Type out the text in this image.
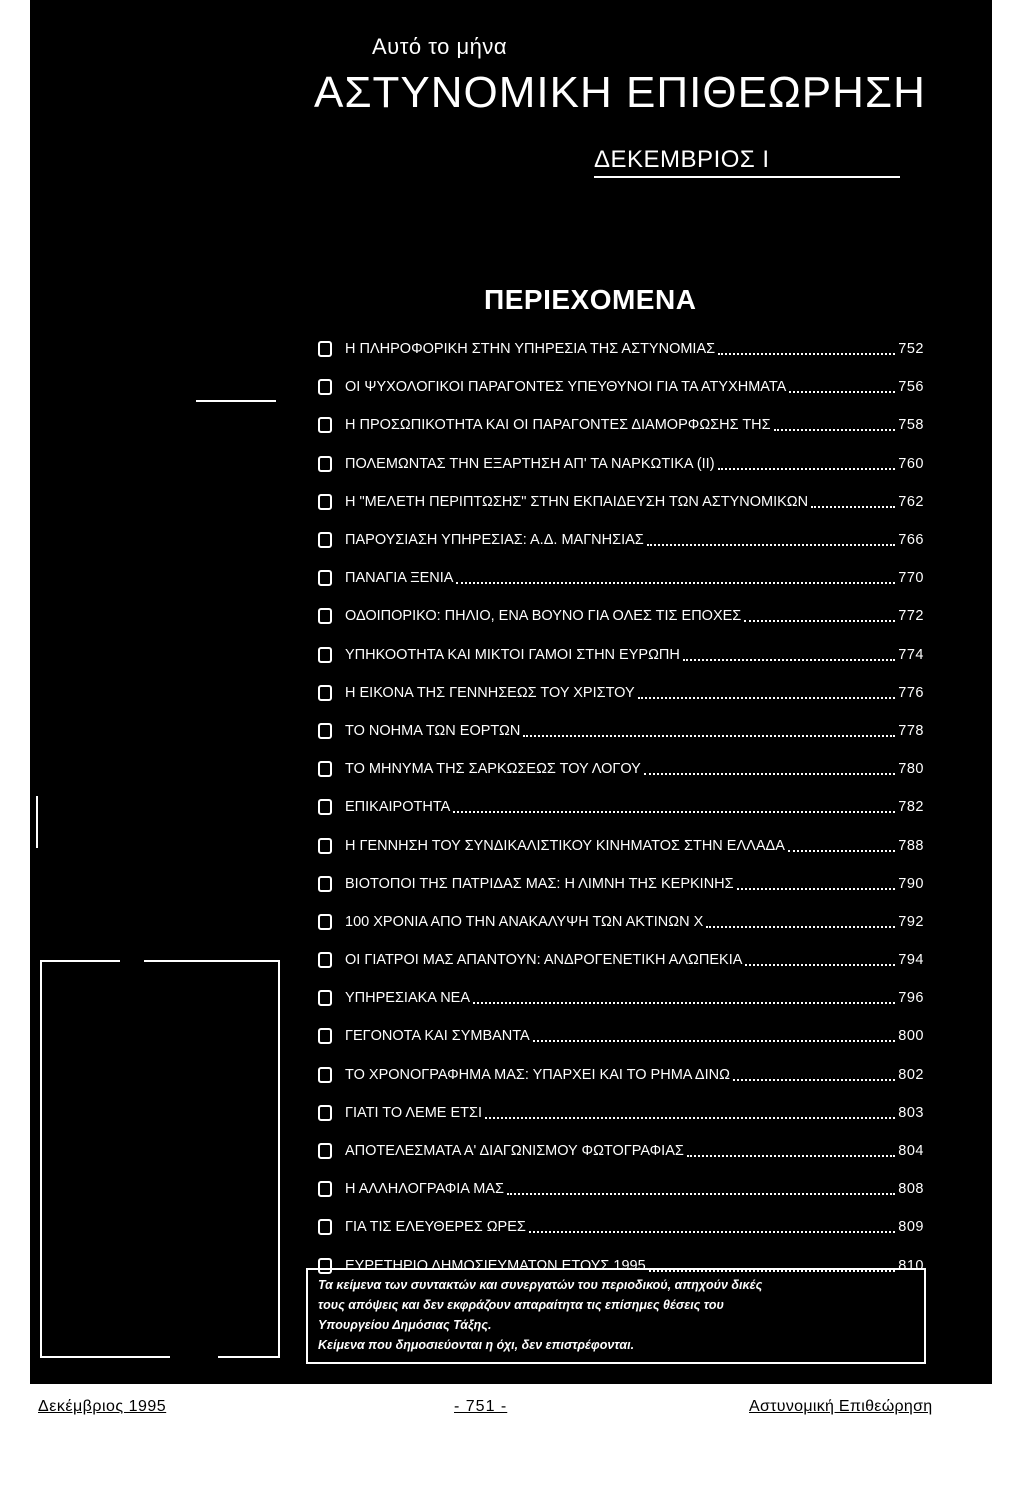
Αυτό το μήνα
ΑΣΤΥΝΟΜΙΚΗ ΕΠΙΘΕΩΡΗΣΗ
ΔΕΚΕΜΒΡΙΟΣ Ι
ΠΕΡΙΕΧΟΜΕΝΑ
Η ΠΛΗΡΟΦΟΡΙΚΗ ΣΤΗΝ ΥΠΗΡΕΣΙΑ ΤΗΣ ΑΣΤΥΝΟΜΙΑΣ	752
ΟΙ ΨΥΧΟΛΟΓΙΚΟΙ ΠΑΡΑΓΟΝΤΕΣ ΥΠΕΥΘΥΝΟΙ ΓΙΑ ΤΑ ΑΤΥΧΗΜΑΤΑ	756
Η ΠΡΟΣΩΠΙΚΟΤΗΤΑ ΚΑΙ ΟΙ ΠΑΡΑΓΟΝΤΕΣ ΔΙΑΜΟΡΦΩΣΗΣ ΤΗΣ	758
ΠΟΛΕΜΩΝΤΑΣ ΤΗΝ ΕΞΑΡΤΗΣΗ ΑΠ' ΤΑ ΝΑΡΚΩΤΙΚΑ (ΙΙ)	760
Η "ΜΕΛΕΤΗ ΠΕΡΙΠΤΩΣΗΣ" ΣΤΗΝ ΕΚΠΑΙΔΕΥΣΗ ΤΩΝ ΑΣΤΥΝΟΜΙΚΩΝ	762
ΠΑΡΟΥΣΙΑΣΗ ΥΠΗΡΕΣΙΑΣ: Α.Δ. ΜΑΓΝΗΣΙΑΣ	766
ΠΑΝΑΓΙΑ ΞΕΝΙΑ	770
ΟΔΟΙΠΟΡΙΚΟ: ΠΗΛΙΟ, ΕΝΑ ΒΟΥΝΟ ΓΙΑ ΟΛΕΣ ΤΙΣ ΕΠΟΧΕΣ	772
ΥΠΗΚΟΟΤΗΤΑ ΚΑΙ ΜΙΚΤΟΙ ΓΑΜΟΙ ΣΤΗΝ ΕΥΡΩΠΗ	774
Η ΕΙΚΟΝΑ ΤΗΣ ΓΕΝΝΗΣΕΩΣ ΤΟΥ ΧΡΙΣΤΟΥ	776
ΤΟ ΝΟΗΜΑ ΤΩΝ ΕΟΡΤΩΝ	778
ΤΟ ΜΗΝΥΜΑ ΤΗΣ ΣΑΡΚΩΣΕΩΣ ΤΟΥ ΛΟΓΟΥ	780
ΕΠΙΚΑΙΡΟΤΗΤΑ	782
Η ΓΕΝΝΗΣΗ ΤΟΥ ΣΥΝΔΙΚΑΛΙΣΤΙΚΟΥ ΚΙΝΗΜΑΤΟΣ ΣΤΗΝ ΕΛΛΑΔΑ	788
ΒΙΟΤΟΠΟΙ ΤΗΣ ΠΑΤΡΙΔΑΣ ΜΑΣ: Η ΛΙΜΝΗ ΤΗΣ ΚΕΡΚΙΝΗΣ	790
100 ΧΡΟΝΙΑ ΑΠΟ ΤΗΝ ΑΝΑΚΑΛΥΨΗ ΤΩΝ ΑΚΤΙΝΩΝ Χ	792
ΟΙ ΓΙΑΤΡΟΙ ΜΑΣ ΑΠΑΝΤΟΥΝ: ΑΝΔΡΟΓΕΝΕΤΙΚΗ ΑΛΩΠΕΚΙΑ	794
ΥΠΗΡΕΣΙΑΚΑ ΝΕΑ	796
ΓΕΓΟΝΟΤΑ ΚΑΙ ΣΥΜΒΑΝΤΑ	800
ΤΟ ΧΡΟΝΟΓΡΑΦΗΜΑ ΜΑΣ: ΥΠΑΡΧΕΙ ΚΑΙ ΤΟ ΡΗΜΑ ΔΙΝΩ	802
ΓΙΑΤΙ ΤΟ ΛΕΜΕ ΕΤΣΙ	803
ΑΠΟΤΕΛΕΣΜΑΤΑ Α' ΔΙΑΓΩΝΙΣΜΟΥ ΦΩΤΟΓΡΑΦΙΑΣ	804
Η ΑΛΛΗΛΟΓΡΑΦΙΑ ΜΑΣ	808
ΓΙΑ ΤΙΣ ΕΛΕΥΘΕΡΕΣ ΩΡΕΣ	809
ΕΥΡΕΤΗΡΙΟ ΔΗΜΟΣΙΕΥΜΑΤΩΝ ΕΤΟΥΣ 1995	810

Τα κείμενα των συντακτών και συνεργατών του περιοδικού, απηχούν δικές

τους απόψεις και δεν εκφράζουν απαραίτητα τις επίσημες θέσεις του

Υπουργείου Δημόσιας Τάξης.

Κείμενα που δημοσιεύονται η όχι, δεν επιστρέφονται.

Δεκέμβριος 1995	- 751 -	Αστυνομική Επιθεώρηση
